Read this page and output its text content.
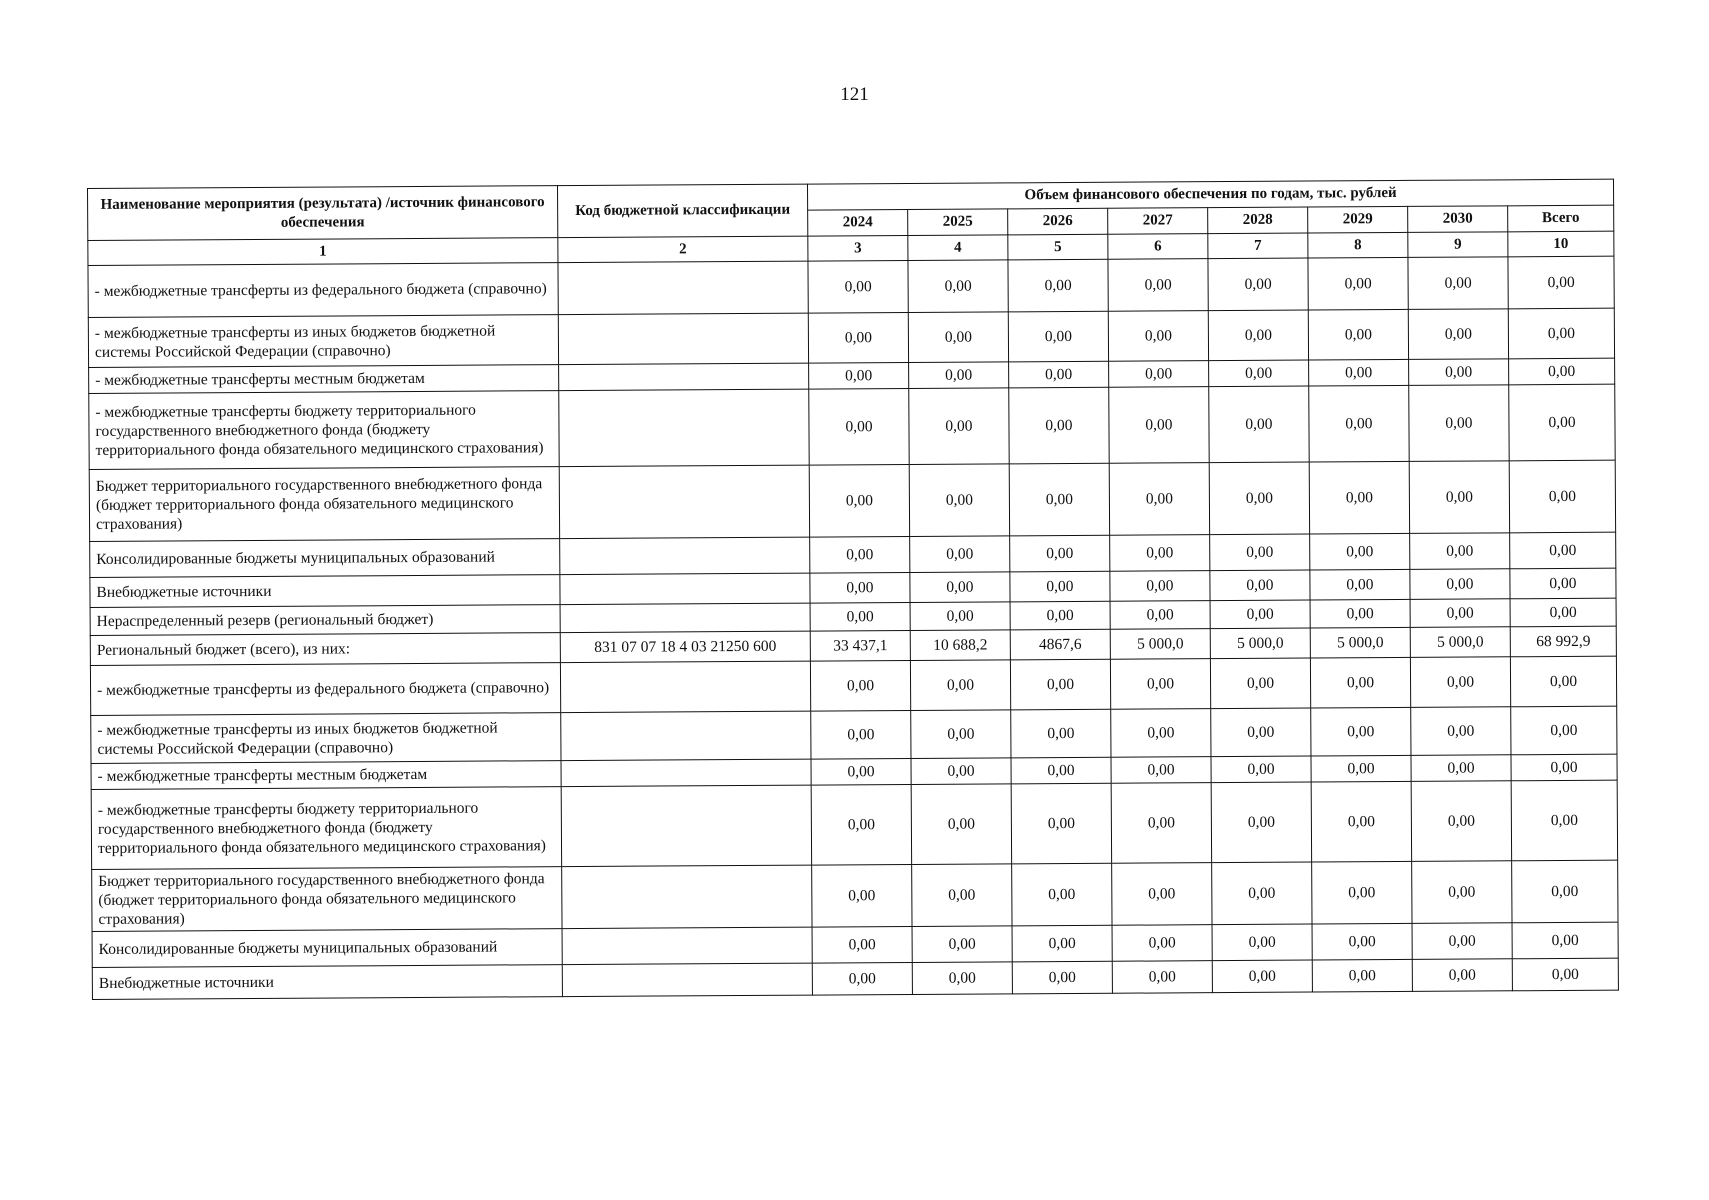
121
Наименование мероприятия (результата) /источник финансового обеспечения	Код бюджетной классификации	Объем финансового обеспечения по годам, тыс. рублей							
		2024	2025	2026	2027	2028	2029	2030	Всего
1	2	3	4	5	6	7	8	9	10
- межбюджетные трансферты из федерального бюджета (справочно)		0,00	0,00	0,00	0,00	0,00	0,00	0,00	0,00
- межбюджетные трансферты из иных бюджетов бюджетной системы Российской Федерации (справочно)		0,00	0,00	0,00	0,00	0,00	0,00	0,00	0,00
- межбюджетные трансферты местным бюджетам		0,00	0,00	0,00	0,00	0,00	0,00	0,00	0,00
- межбюджетные трансферты бюджету территориального государственного внебюджетного фонда (бюджету территориального фонда обязательного медицинского страхования)		0,00	0,00	0,00	0,00	0,00	0,00	0,00	0,00
Бюджет территориального государственного внебюджетного фонда (бюджет территориального фонда обязательного медицинского страхования)		0,00	0,00	0,00	0,00	0,00	0,00	0,00	0,00
Консолидированные бюджеты муниципальных образований		0,00	0,00	0,00	0,00	0,00	0,00	0,00	0,00
Внебюджетные источники		0,00	0,00	0,00	0,00	0,00	0,00	0,00	0,00
Нераспределенный резерв (региональный бюджет)		0,00	0,00	0,00	0,00	0,00	0,00	0,00	0,00
Региональный бюджет (всего), из них:	831 07 07 18 4 03 21250 600	33 437,1	10 688,2	4867,6	5 000,0	5 000,0	5 000,0	5 000,0	68 992,9
- межбюджетные трансферты из федерального бюджета (справочно)		0,00	0,00	0,00	0,00	0,00	0,00	0,00	0,00
- межбюджетные трансферты из иных бюджетов бюджетной системы Российской Федерации (справочно)		0,00	0,00	0,00	0,00	0,00	0,00	0,00	0,00
- межбюджетные трансферты местным бюджетам		0,00	0,00	0,00	0,00	0,00	0,00	0,00	0,00
- межбюджетные трансферты бюджету территориального государственного внебюджетного фонда (бюджету территориального фонда обязательного медицинского страхования)		0,00	0,00	0,00	0,00	0,00	0,00	0,00	0,00
Бюджет территориального государственного внебюджетного фонда (бюджет территориального фонда обязательного медицинского страхования)		0,00	0,00	0,00	0,00	0,00	0,00	0,00	0,00
Консолидированные бюджеты муниципальных образований		0,00	0,00	0,00	0,00	0,00	0,00	0,00	0,00
Внебюджетные источники		0,00	0,00	0,00	0,00	0,00	0,00	0,00	0,00
